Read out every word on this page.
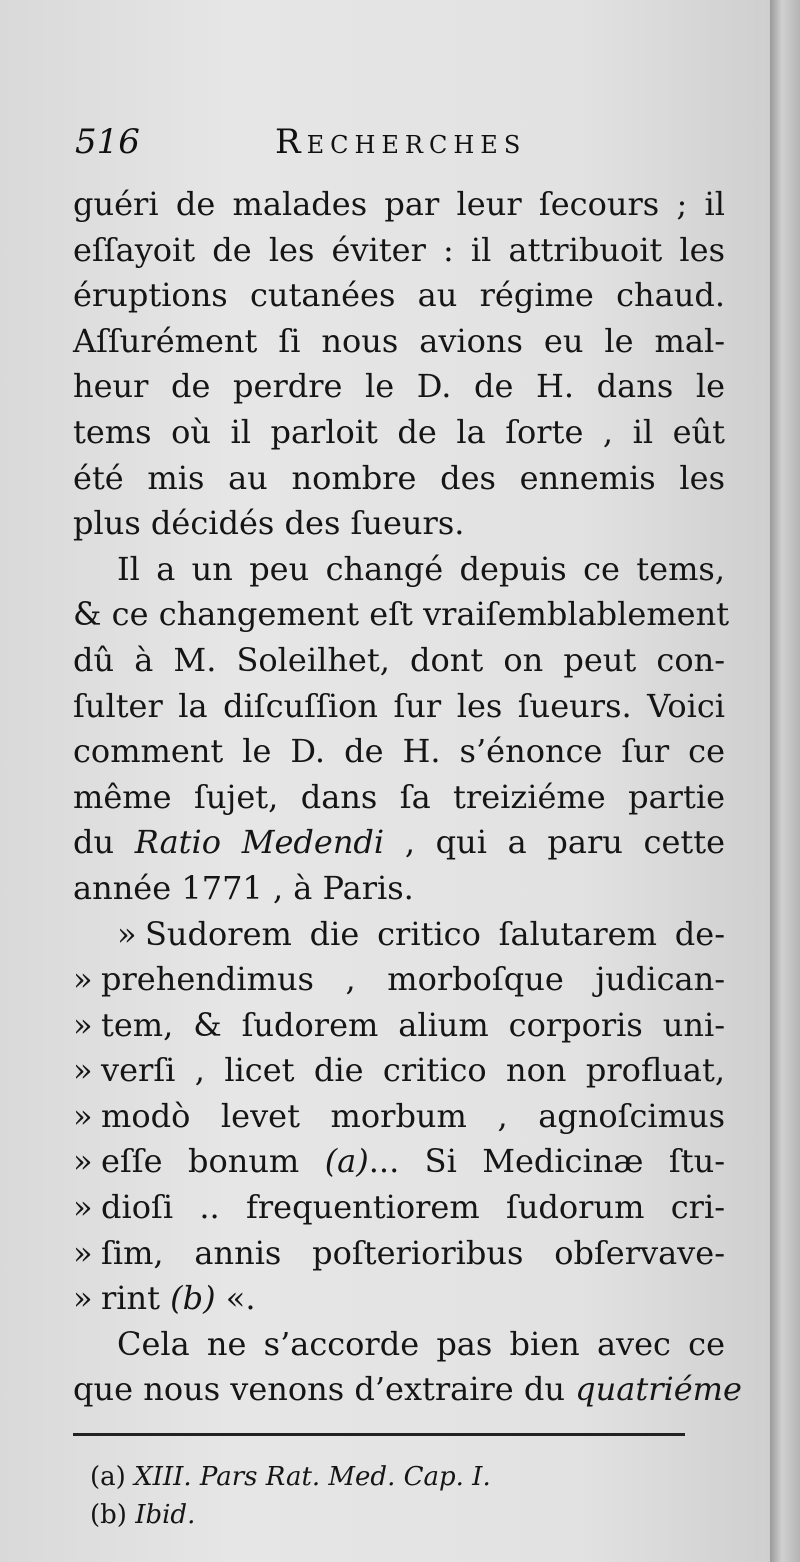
516	Recherches
guéri de malades par leur ſecours ; il
eſſayoit de les éviter : il attribuoit les
éruptions cutanées au régime chaud.
Aſſurément ſi nous avions eu le mal-
heur de perdre le D. de H. dans le
tems où il parloit de la ſorte , il eût
été mis au nombre des ennemis les
plus décidés des ſueurs.
Il a un peu changé depuis ce tems,
& ce changement eſt vraiſemblablement
dû à M. Soleilhet, dont on peut con-
ſulter la diſcuſſion ſur les ſueurs. Voici
comment le D. de H. s’énonce ſur ce
même ſujet, dans ſa treiziéme partie
du Ratio Medendi , qui a paru cette
année 1771 , à Paris.
» Sudorem die critico ſalutarem de-
» prehendimus , morboſque judican-
» tem, & ſudorem alium corporis uni-
» verſi , licet die critico non profluat,
» modò levet morbum , agnoſcimus
» eſſe bonum (a)... Si Medicinæ ſtu-
» dioſi .. frequentiorem ſudorum cri-
» ſim, annis poſterioribus obſervave-
» rint (b) «.
Cela ne s’accorde pas bien avec ce
que nous venons d’extraire du quatriéme
(a) XIII. Pars Rat. Med. Cap. I.
(b) Ibid.
